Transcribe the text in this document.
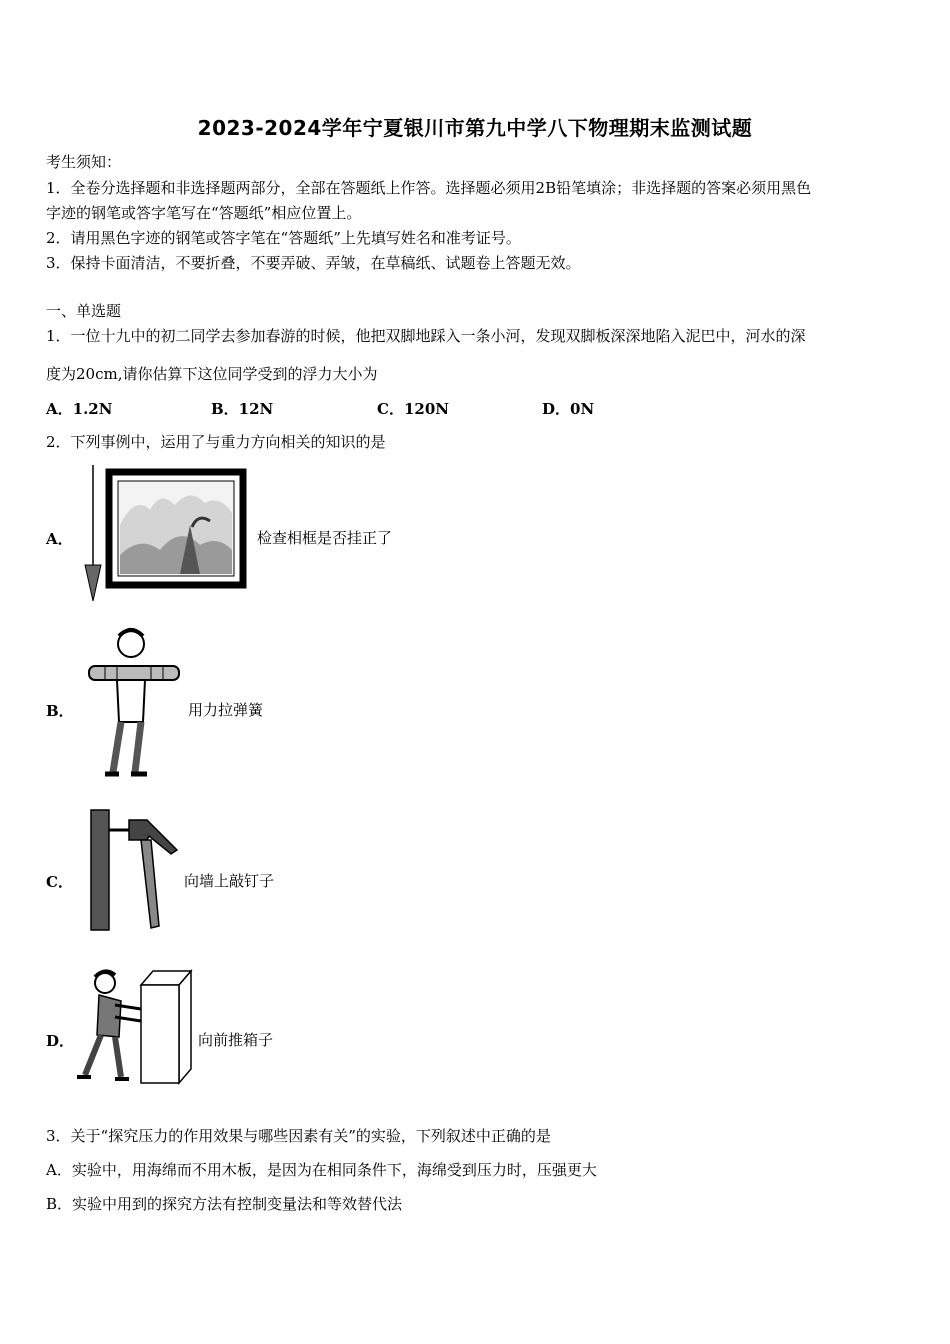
2023-2024学年宁夏银川市第九中学八下物理期末监测试题
考生须知：
1．全卷分选择题和非选择题两部分，全部在答题纸上作答。选择题必须用2B铅笔填涂；非选择题的答案必须用黑色
字迹的钢笔或答字笔写在“答题纸”相应位置上。
2．请用黑色字迹的钢笔或答字笔在“答题纸”上先填写姓名和准考证号。
3．保持卡面清洁，不要折叠，不要弄破、弄皱，在草稿纸、试题卷上答题无效。
一、单选题
1．一位十九中的初二同学去参加春游的时候，他把双脚地踩入一条小河，发现双脚板深深地陷入泥巴中，河水的深
度为20cm,请你估算下这位同学受到的浮力大小为
A．1.2N	B．12N	C．120N	D．0N
2．下列事例中，运用了与重力方向相关的知识的是
A．	检查相框是否挂正了
B．	用力拉弹簧
C．	向墙上敲钉子
D．	向前推箱子
3．关于“探究压力的作用效果与哪些因素有关”的实验，下列叙述中正确的是
A．实验中，用海绵而不用木板，是因为在相同条件下，海绵受到压力时，压强更大
B．实验中用到的探究方法有控制变量法和等效替代法
